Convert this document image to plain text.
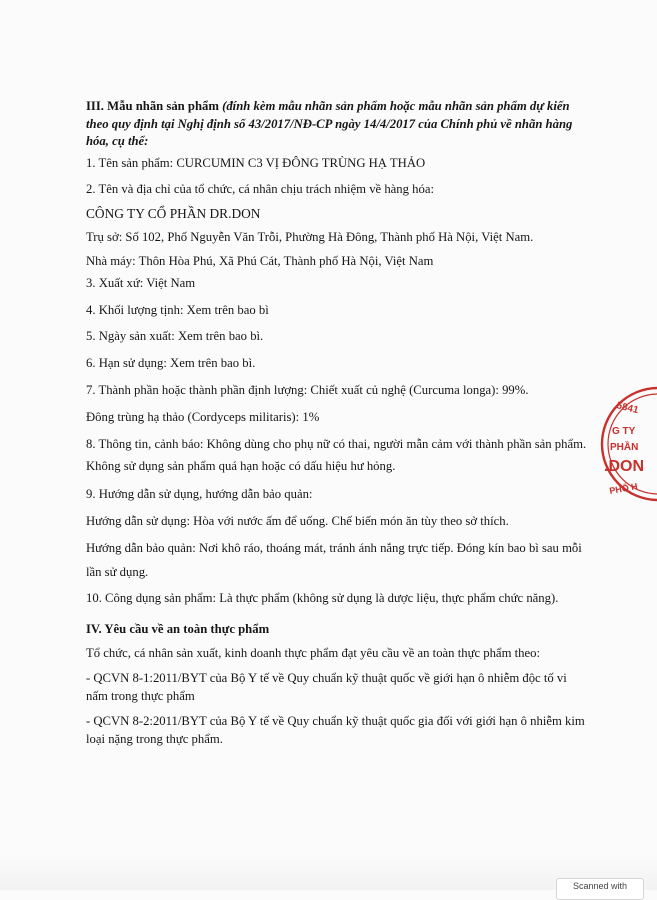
III. Mẫu nhãn sản phẩm (đính kèm mẫu nhãn sản phẩm hoặc mẫu nhãn sản phẩm dự kiến theo quy định tại Nghị định số 43/2017/NĐ-CP ngày 14/4/2017 của Chính phủ về nhãn hàng hóa, cụ thể:
1. Tên sản phẩm: CURCUMIN C3 VỊ ĐÔNG TRÙNG HẠ THẢO
2. Tên và địa chỉ của tổ chức, cá nhân chịu trách nhiệm về hàng hóa:
CÔNG TY CỔ PHẦN DR.DON
Trụ sở: Số 102, Phố Nguyễn Văn Trỗi, Phường Hà Đông, Thành phố Hà Nội, Việt Nam.
Nhà máy: Thôn Hòa Phú, Xã Phú Cát, Thành phố Hà Nội, Việt Nam
3. Xuất xứ: Việt Nam
4. Khối lượng tịnh: Xem trên bao bì
5. Ngày sản xuất: Xem trên bao bì.
6. Hạn sử dụng: Xem trên bao bì.
7. Thành phần hoặc thành phần định lượng: Chiết xuất củ nghệ (Curcuma longa): 99%.
Đông trùng hạ thảo (Cordyceps militaris): 1%
8. Thông tin, cảnh báo: Không dùng cho phụ nữ có thai, người mẫn cảm với thành phần sản phẩm.
Không sử dụng sản phẩm quá hạn hoặc có dấu hiệu hư hỏng.
9. Hướng dẫn sử dụng, hướng dẫn bảo quản:
Hướng dẫn sử dụng: Hòa với nước ấm để uống. Chế biến món ăn tùy theo sở thích.
Hướng dẫn bảo quản: Nơi khô ráo, thoáng mát, tránh ánh nắng trực tiếp. Đóng kín bao bì sau mỗi
lần sử dụng.
10. Công dụng sản phẩm: Là thực phẩm (không sử dụng là dược liệu, thực phẩm chức năng).
IV. Yêu cầu về an toàn thực phẩm
Tổ chức, cá nhân sản xuất, kinh doanh thực phẩm đạt yêu cầu về an toàn thực phẩm theo:
- QCVN 8-1:2011/BYT của Bộ Y tế về Quy chuẩn kỹ thuật quốc về giới hạn ô nhiễm độc tố vi
nấm trong thực phẩm
- QCVN 8-2:2011/BYT của Bộ Y tế về Quy chuẩn kỹ thuật quốc gia đối với giới hạn ô nhiễm kim
loại nặng trong thực phẩm.
5841
G TY
PHẦN
.DON
PHỐ H
Scanned with
